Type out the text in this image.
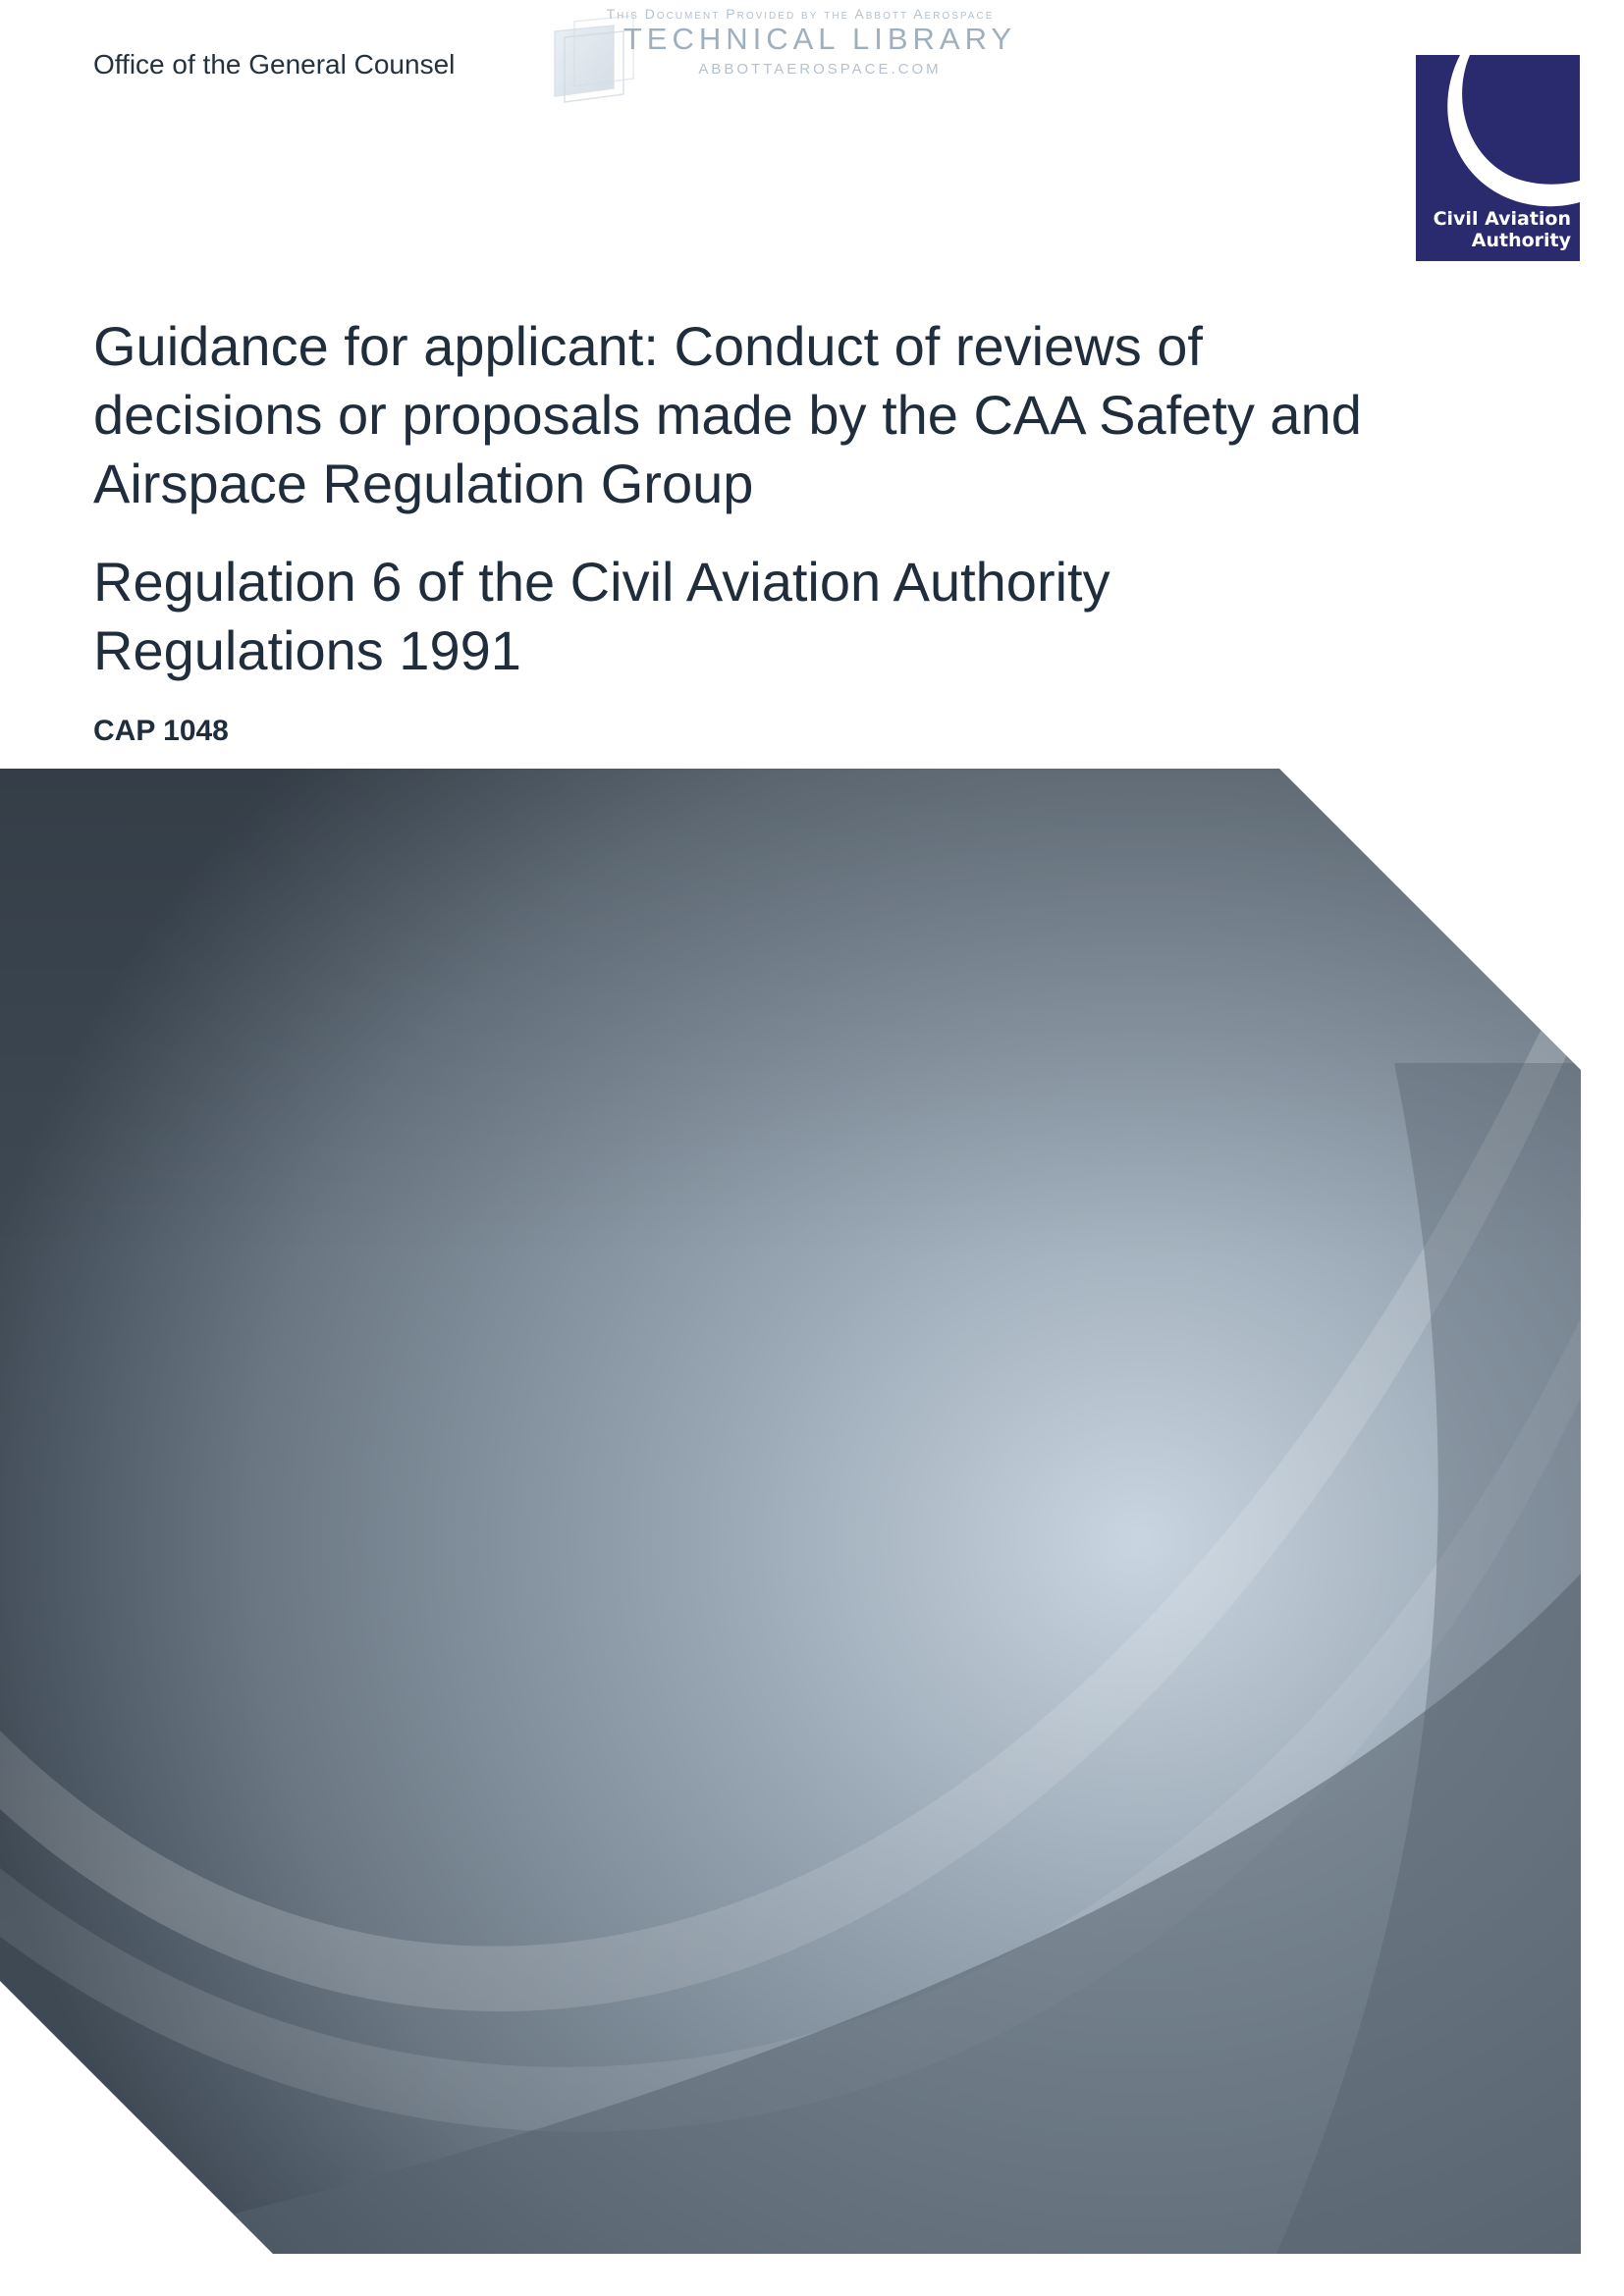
Office of the General Counsel
This Document Provided by the Abbott Aerospace
TECHNICAL LIBRARY
ABBOTTAEROSPACE.COM
Civil Aviation
Authority
Guidance for applicant: Conduct of reviews of decisions or proposals made by the CAA Safety and Airspace Regulation Group
Regulation 6 of the Civil Aviation Authority Regulations 1991
CAP 1048
